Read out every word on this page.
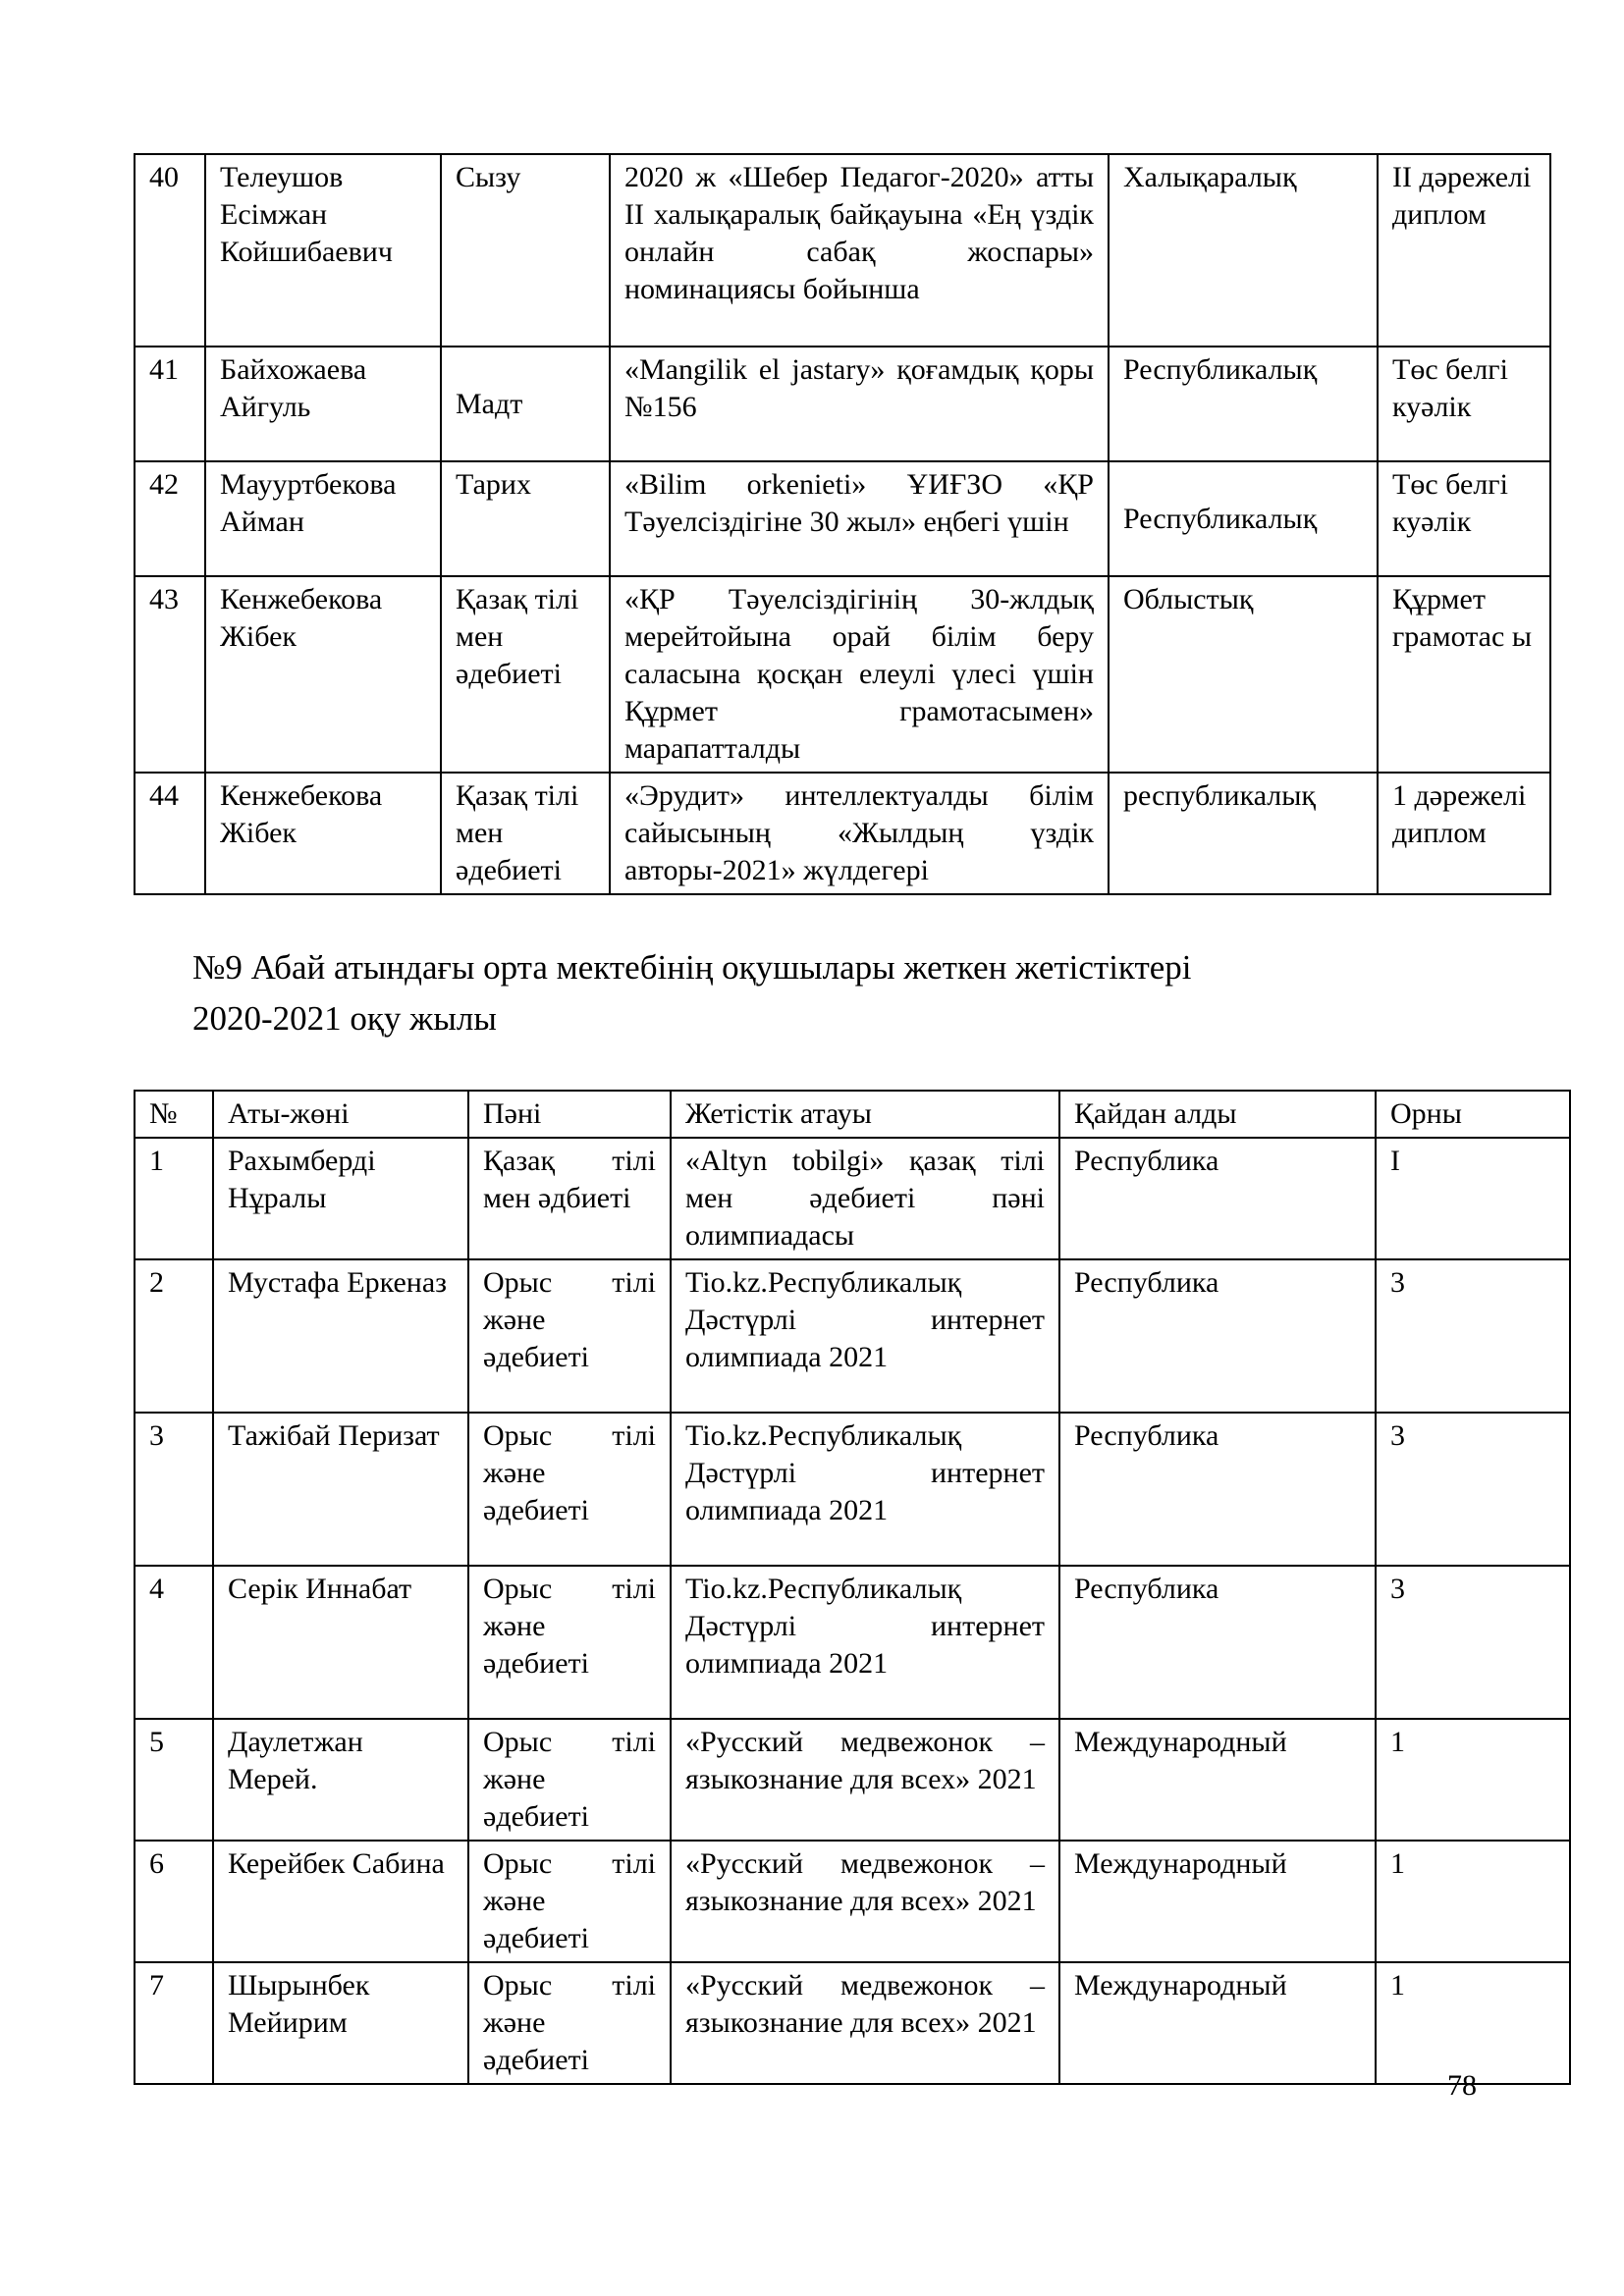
40	Телеушов Есімжан Койшибаевич	Сызу	2020 ж «Шебер Педагог-2020» атты II халықаралық байқауына «Ең үздік онлайн сабақ жоспары» номинациясы бойынша	Халықаралық	II дәрежелі диплом
41	Байхожаева Айгуль	Мадт	«Mangilik el jastary» қоғамдық қоры №156	Республикалық	Төс белгі куәлік
42	Маууртбекова Айман	Тарих	«Bilim orkenieti» ҰИҒЗО «ҚР Тәуелсіздігіне 30 жыл» еңбегі үшін	Республикалық	Төс белгі куәлік
43	Кенжебекова Жібек	Қазақ тілі мен әдебиеті	«ҚР Тәуелсіздігінің 30-жлдық мерейтойына орай білім беру саласына қосқан елеулі үлесі үшін Құрмет грамотасымен» марапатталды	Облыстық	Құрмет грамотас ы
44	Кенжебекова Жібек	Қазақ тілі мен әдебиеті	«Эрудит» интеллектуалды білім сайысының «Жылдың үздік авторы-2021» жүлдегері	республикалық	1 дәрежелі диплом
№9 Абай атындағы орта мектебінің оқушылары жеткен жетістіктері
2020-2021 оқу жылы
№	Аты-жөні	Пәні	Жетістік атауы	Қайдан алды	Орны
1	Рахымберді Нұралы	Қазақ тілі мен әдбиеті	«Altyn tobilgi» қазақ тілі мен әдебиеті пәні олимпиадасы	Республика	I
2	Мустафа Еркеназ	Орыс тілі және әдебиеті	Tio.kz.Республикалық Дәстүрлі интернет олимпиада 2021	Республика	3
3	Тажібай Перизат	Орыс тілі және әдебиеті	Tio.kz.Республикалық Дәстүрлі интернет олимпиада 2021	Республика	3
4	Серік Иннабат	Орыс тілі және әдебиеті	Tio.kz.Республикалық Дәстүрлі интернет олимпиада 2021	Республика	3
5	Даулетжан Мерей.	Орыс тілі және әдебиеті	«Русский медвежонок – языкознание для всех» 2021	Международный	1
6	Керейбек Сабина	Орыс тілі және әдебиеті	«Русский медвежонок – языкознание для всех» 2021	Международный	1
7	Шырынбек Мейирим	Орыс тілі және әдебиеті	«Русский медвежонок – языкознание для всех» 2021	Международный	1
78
